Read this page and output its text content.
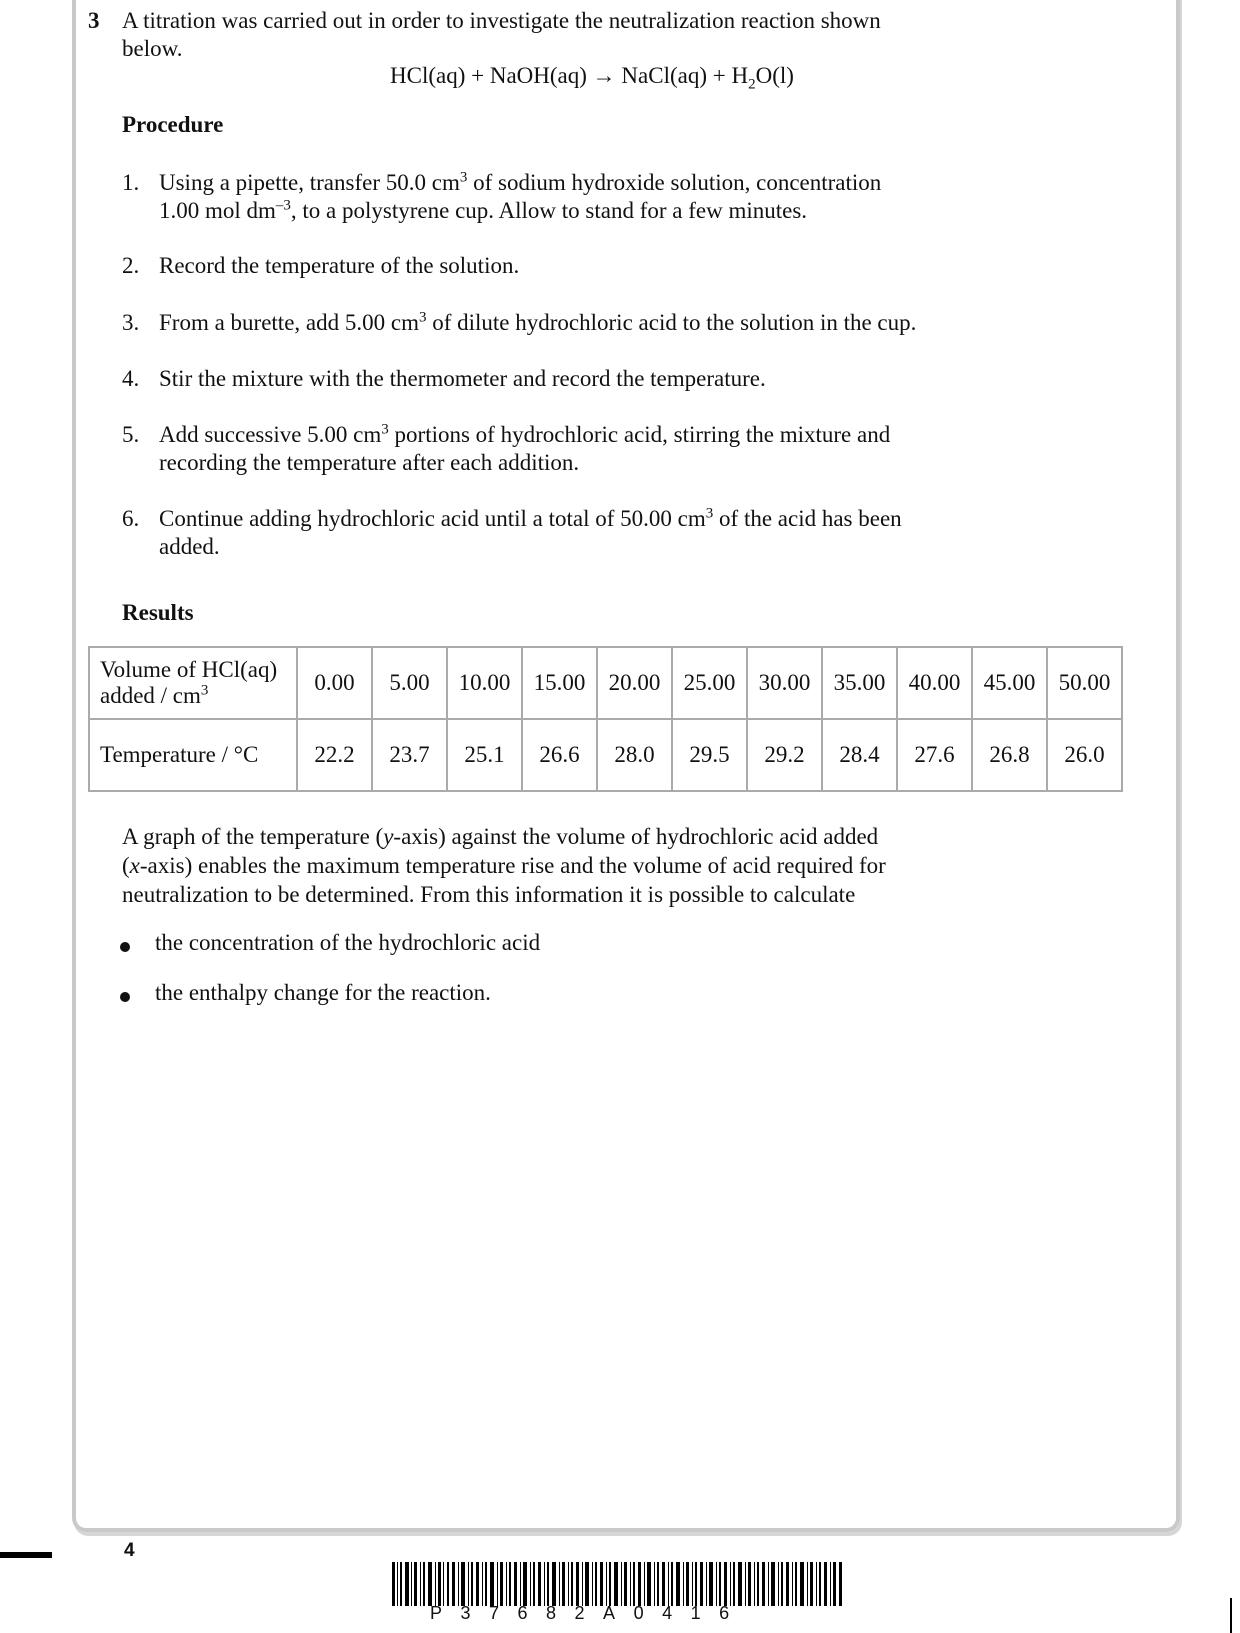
3 A titration was carried out in order to investigate the neutralization reaction shown
below.
HCl(aq) + NaOH(aq) → NaCl(aq) + $H_2O(l)$
Procedure
1. Using a pipette, transfer 50.0 $cm^3$ of sodium hydroxide solution, concentration
1.00 mol $dm^{-3}$, to a polystyrene cup. Allow to stand for a few minutes.
2. Record the temperature of the solution.
3. From a burette, add 5.00 $cm^3$ of dilute hydrochloric acid to the solution in the cup.
4. Stir the mixture with the thermometer and record the temperature.
5. Add successive 5.00 $cm^3$ portions of hydrochloric acid, stirring the mixture and
recording the temperature after each addition.
6. Continue adding hydrochloric acid until a total of 50.00 $cm^3$ of the acid has been
added.
Results
Volume of HCl(aq)
added / $cm^3$	0.00	5.00	10.00	15.00	20.00	25.00	30.00	35.00	40.00	45.00	50.00
Temperature / °C	22.2	23.7	25.1	26.6	28.0	29.5	29.2	28.4	27.6	26.8	26.0
A graph of the temperature (y-axis) against the volume of hydrochloric acid added
(x-axis) enables the maximum temperature rise and the volume of acid required for
neutralization to be determined. From this information it is possible to calculate
the concentration of the hydrochloric acid
the enthalpy change for the reaction.
4
P37682A0416
